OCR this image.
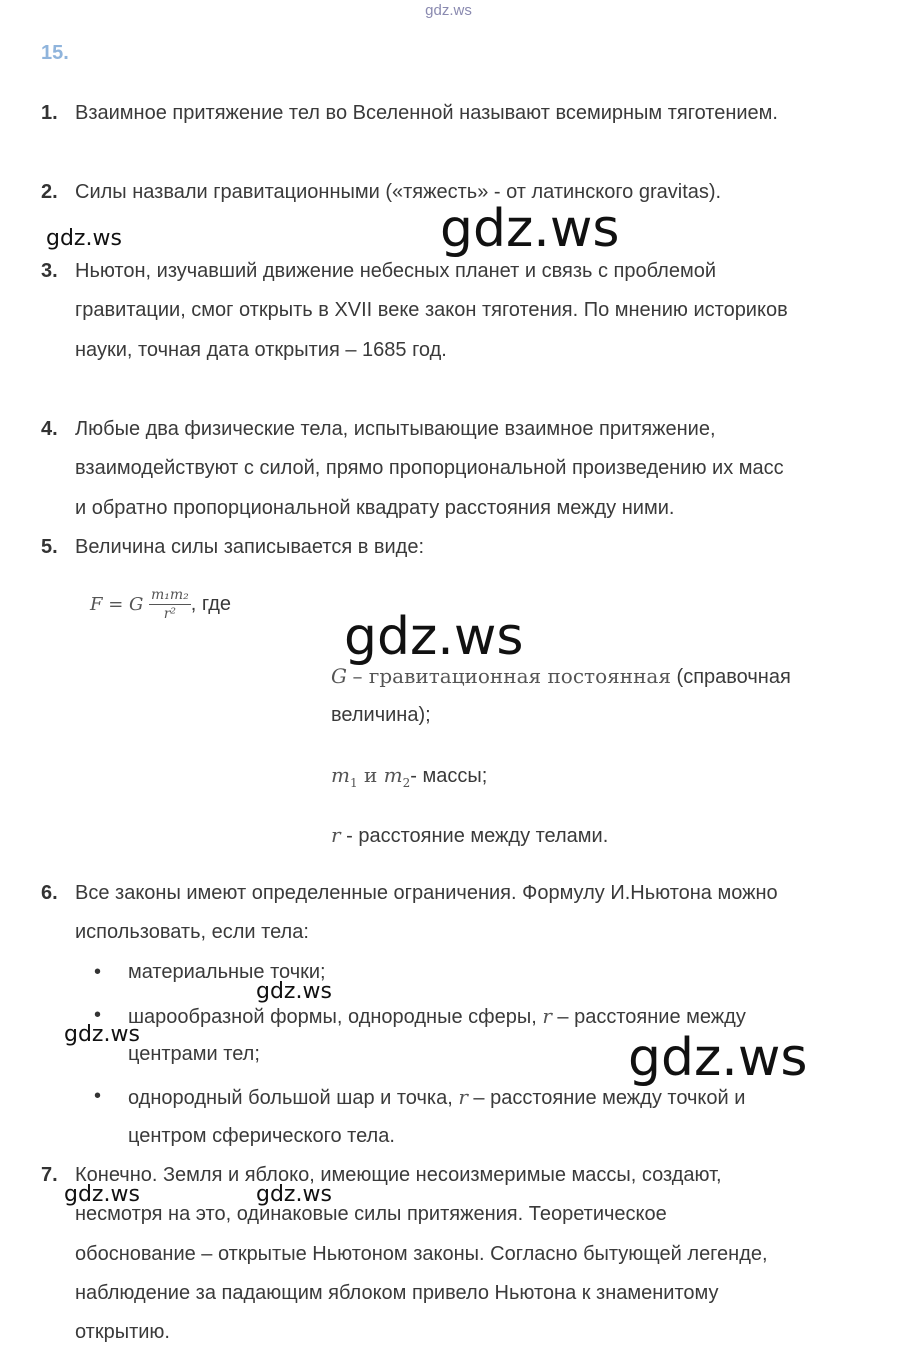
gdz.ws
15.
1. Взаимное притяжение тел во Вселенной называют всемирным тяготением.
2. Силы назвали гравитационными («тяжесть» - от латинского gravitas).
3. Ньютон, изучавший движение небесных планет и связь с проблемой
гравитации, смог открыть в XVII веке закон тяготения. По мнению историков
науки, точная дата открытия – 1685 год.
4. Любые два физические тела, испытывающие взаимное притяжение,
взаимодействуют с силой, прямо пропорциональной произведению их масс
и обратно пропорциональной квадрату расстояния между ними.
5. Величина силы записывается в виде:
F = G $\frac{\text{m₁m₂}}{\text{r²}}$ , где
G – гравитационная постоянная (справочная
величина);
$m_1$ и $m_2-$ массы;
r - расстояние между телами.
6. Все законы имеют определенные ограничения. Формулу И.Ньютона можно
использовать, если тела:
• материальные точки;
• шарообразной формы, однородные сферы, r – расстояние между
центрами тел;
• однородный большой шар и точка, r – расстояние между точкой и
центром сферического тела.
7. Конечно. Земля и яблоко, имеющие несоизмеримые массы, создают,
несмотря на это, одинаковые силы притяжения. Теоретическое
обоснование – открытые Ньютоном законы. Согласно бытующей легенде,
наблюдение за падающим яблоком привело Ньютона к знаменитому
открытию.
gdz.ws	gdz.ws
gdz.ws
gdz.ws
gdz.ws	gdz.ws
gdz.ws	gdz.ws
